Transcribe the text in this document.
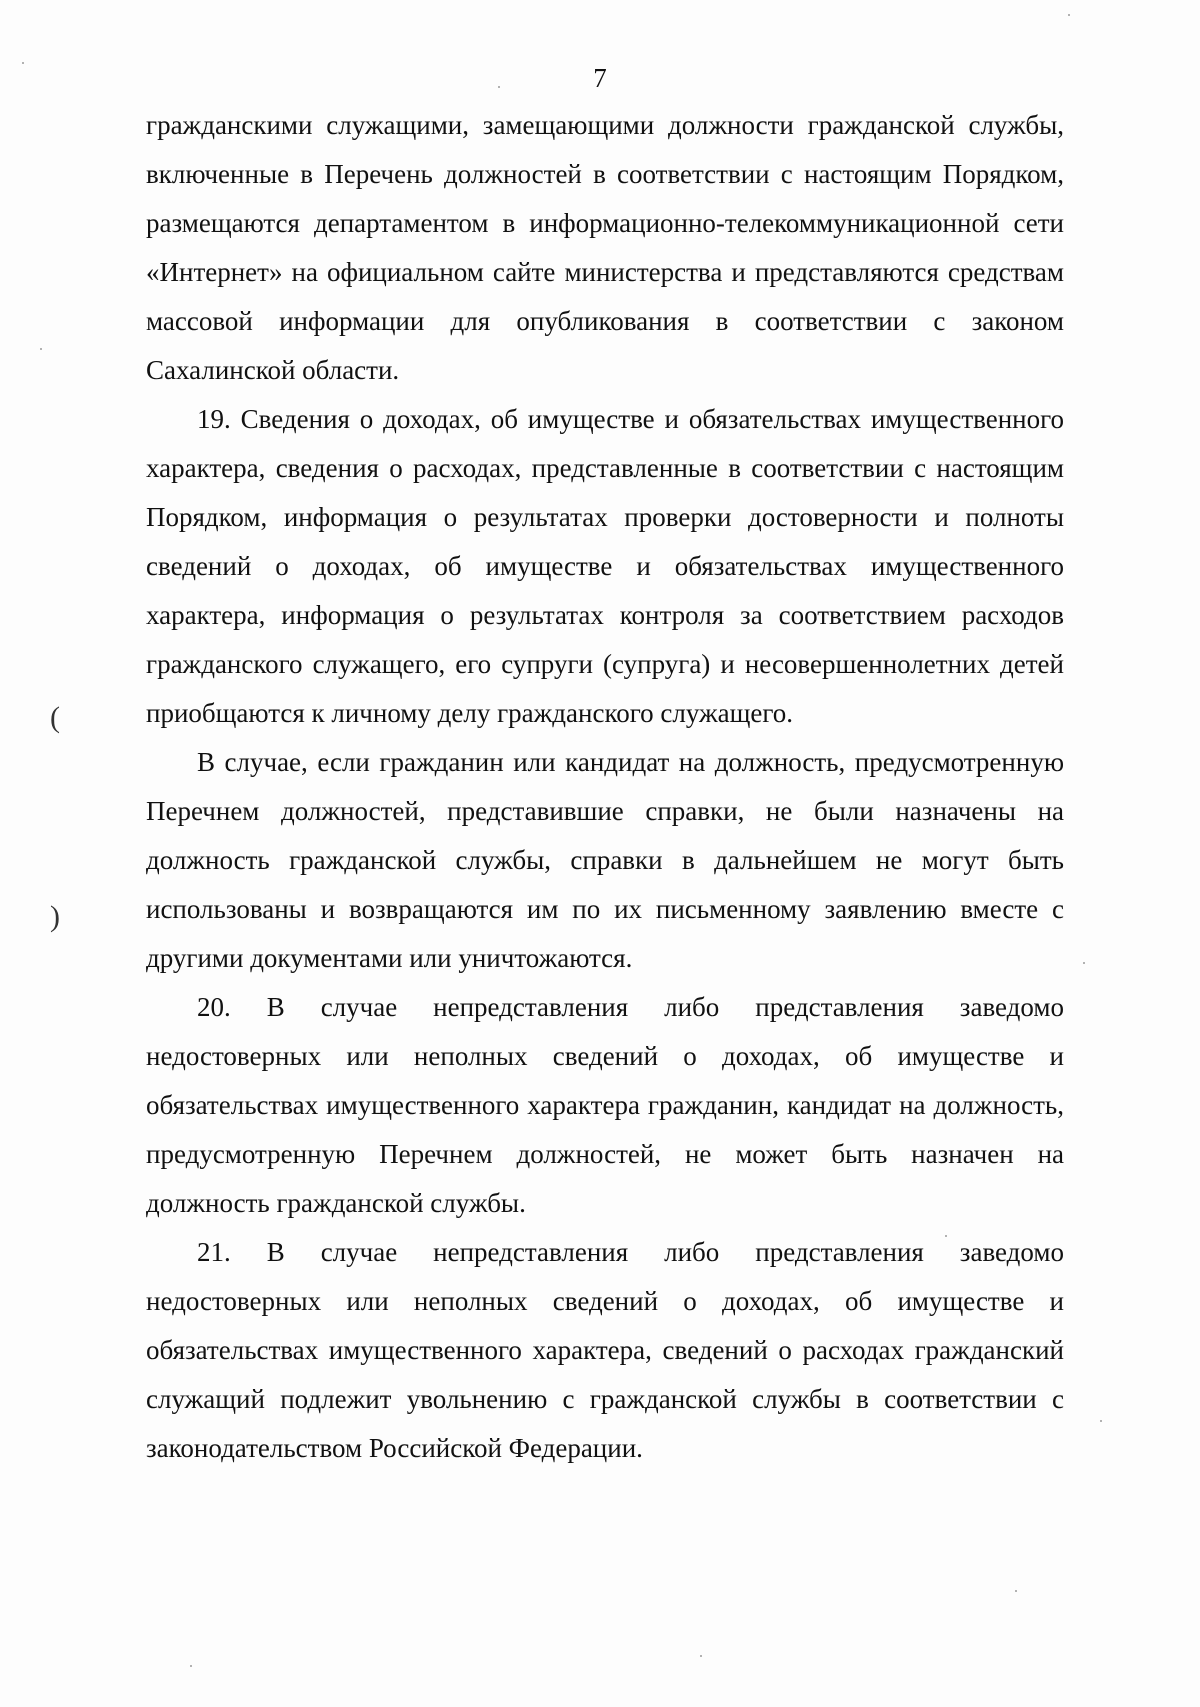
7

гражданскими служащими, замещающими должности гражданской службы, включенные в Перечень должностей в соответствии с настоящим Порядком, размещаются департаментом в информационно-телекоммуникационной сети «Интернет» на официальном сайте министерства и представляются средствам массовой информации для опубликования в соответствии с законом Сахалинской области.

19. Сведения о доходах, об имуществе и обязательствах имущественного характера, сведения о расходах, представленные в соответствии с настоящим Порядком, информация о результатах проверки достоверности и полноты сведений о доходах, об имуществе и обязательствах имущественного характера, информация о результатах контроля за соответствием расходов гражданского служащего, его супруги (супруга) и несовершеннолетних детей приобщаются к личному делу гражданского служащего.

В случае, если гражданин или кандидат на должность, предусмотренную Перечнем должностей, представившие справки, не были назначены на должность гражданской службы, справки в дальнейшем не могут быть использованы и возвращаются им по их письменному заявлению вместе с другими документами или уничтожаются.

20. В случае непредставления либо представления заведомо недостоверных или неполных сведений о доходах, об имуществе и обязательствах имущественного характера гражданин, кандидат на должность, предусмотренную Перечнем должностей, не может быть назначен на должность гражданской службы.

21. В случае непредставления либо представления заведомо недостоверных или неполных сведений о доходах, об имуществе и обязательствах имущественного характера, сведений о расходах гражданский служащий подлежит увольнению с гражданской службы в соответствии с законодательством Российской Федерации.

(
)
